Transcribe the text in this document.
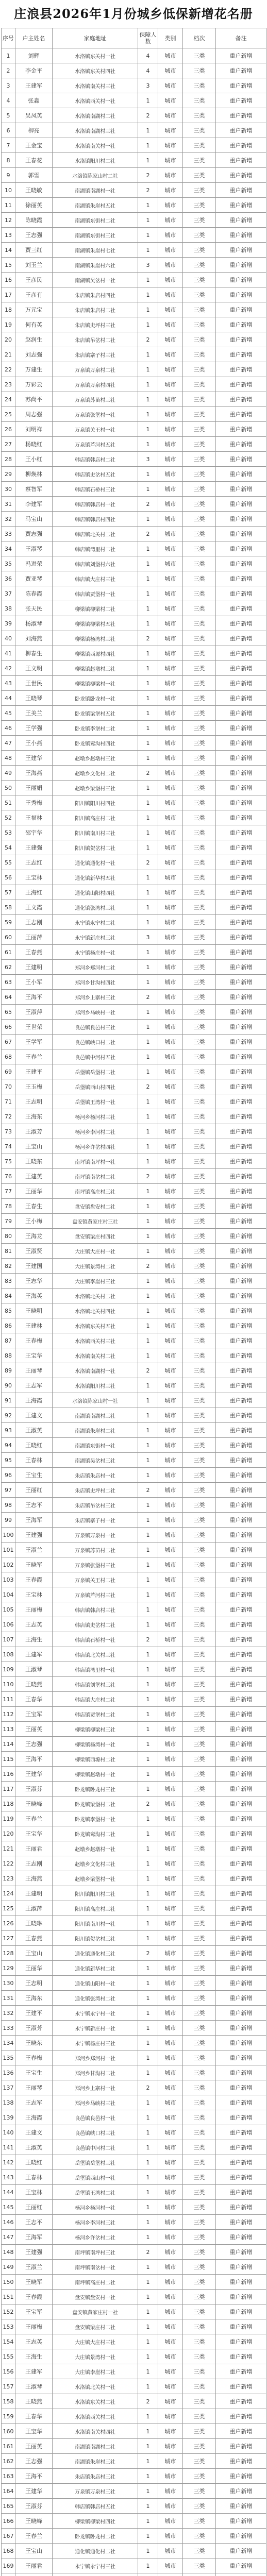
庄浪县2026年1月份城乡低保新增花名册
序号	户主姓名	家庭地址	保障人数	类别	档次	备注
1	刘辉	水洛镇东关村一社	4	城市	三类	重户新增
2	李金平	水洛镇东关村四社	4	城市	三类	重户新增
3	王建军	水洛镇南关村三社	3	城市	三类	重户新增
4	张淼	水洛镇西关村一社	1	城市	三类	重户新增
5	吴凤英	水洛镇南湖村二社	2	城市	三类	重户新增
6	柳亮	水洛镇南湖村三社	1	城市	三类	重户新增
7	王金宝	水洛镇南关村一社	1	城市	三类	重户新增
8	王春花	水洛镇阳川村二社	1	城市	三类	重户新增
9	郭雪	水洛镇陈家山村二社	2	城市	三类	重户新增
10	王晓敏	南湖镇南湖村一社	2	城市	三类	重户新增
11	徐丽英	南湖镇朱崖村五社	1	城市	三类	重户新增
12	陈晓霞	南湖镇东街村二社	1	城市	三类	重户新增
13	王志强	南湖镇东街村三社	1	城市	三类	重户新增
14	贾三红	南湖镇朱崖村七社	1	城市	三类	重户新增
15	刘玉兰	南湖镇朱崖村六社	3	城市	三类	重户新增
16	王彦民	南湖镇吴岔村一社	1	城市	三类	重户新增
17	王彦有	朱店镇朱店村四社	1	城市	三类	重户新增
18	万元宝	朱店镇朱店村二社	1	城市	三类	重户新增
19	何有英	朱店镇史坪村三社	1	城市	三类	重户新增
20	赵润生	朱店镇吊岔村二社	2	城市	三类	重户新增
21	刘志强	朱店镇寨子村三社	1	城市	三类	重户新增
22	万建生	万泉镇万泉村二社	1	城市	三类	重户新增
23	万彩云	万泉镇万泉村四社	1	城市	三类	重户新增
24	苏尚平	万泉镇苏苗村三社	1	城市	三类	重户新增
25	周志强	万泉镇张堡村一社	1	城市	三类	重户新增
26	刘明祥	万泉镇关王村一社	1	城市	三类	重户新增
27	杨晓红	万泉镇芦河村五社	1	城市	三类	重户新增
28	王小红	韩店镇韩店村二社	3	城市	三类	重户新增
29	柳焕林	韩店镇史岔村五社	1	城市	三类	重户新增
30	蔡智军	韩店镇石桥村三社	1	城市	三类	重户新增
31	李建军	韩店镇韩店村一社	2	城市	三类	重户新增
32	马宝山	韩店镇韩店村四社	1	城市	三类	重户新增
33	贾志强	韩店镇北关村二社	2	城市	三类	重户新增
34	王淑琴	韩店镇湾里村二社	1	城市	三类	重户新增
35	冯进荣	韩店镇刘堡村六社	1	城市	三类	重户新增
36	贾亚琴	韩店镇大庄村三社	1	城市	三类	重户新增
37	陈春霞	韩店镇贾堡村一社	1	城市	三类	重户新增
38	张天民	柳梁镇柳梁村二社	1	城市	三类	重户新增
39	杨淑琴	柳梁镇柳梁村五社	1	城市	三类	重户新增
40	刘海燕	柳梁镇杨湾村三社	2	城市	三类	重户新增
41	柳春生	柳梁镇西塬村四社	1	城市	三类	重户新增
42	王文明	柳梁镇赵墩村三社	1	城市	三类	重户新增
43	王世民	柳梁镇柳梁村一社	1	城市	三类	重户新增
44	王晓琴	卧龙镇卧龙村一社	1	城市	三类	重户新增
45	王美兰	卧龙镇梁堡村五社	1	城市	三类	重户新增
46	王学强	卧龙镇李堡村二社	1	城市	三类	重户新增
47	王小燕	卧龙镇鸾沟村四社	1	城市	三类	重户新增
48	王建华	赵墩乡赵墩村三社	1	城市	三类	重户新增
49	王海燕	赵墩乡文化村二社	2	城市	三类	重户新增
50	王丽娟	赵墩乡梁堡村三社	1	城市	三类	重户新增
51	王秀梅	阳川镇阳川村四社	1	城市	三类	重户新增
52	王福林	阳川镇高庄村二社	1	城市	三类	重户新增
53	邵宇华	阳川镇南川村三社	1	城市	三类	重户新增
54	王建强	阳川镇贺岔村二社	1	城市	三类	重户新增
55	王志红	通化镇通化村一社	2	城市	三类	重户新增
56	王宝林	通化镇新华村五社	1	城市	三类	重户新增
57	王海红	通化镇山阳村四社	1	城市	三类	重户新增
58	王文霞	通化镇张湾村三社	1	城市	三类	重户新增
59	王志刚	永宁镇永宁村二社	1	城市	三类	重户新增
60	王丽萍	永宁镇新庄村三社	3	城市	三类	重户新增
61	王春燕	永宁镇杨庄村一社	1	城市	三类	重户新增
62	王建明	郑河乡郑河村二社	1	城市	三类	重户新增
63	王小军	郑河乡甘沟村四社	1	城市	三类	重户新增
64	王海平	郑河乡上寨村三社	2	城市	三类	重户新增
65	王淑萍	郑河乡马峡村一社	1	城市	三类	重户新增
66	王世荣	良邑镇良邑村三社	1	城市	三类	重户新增
67	王学军	良邑镇峡口村二社	1	城市	三类	重户新增
68	王春兰	良邑镇中河村五社	1	城市	三类	重户新增
69	王建平	岳堡镇岳堡村二社	1	城市	三类	重户新增
70	王玉梅	岳堡镇西山村四社	2	城市	三类	重户新增
71	王志明	岳堡镇王湾村一社	1	城市	三类	重户新增
72	王海东	杨河乡杨河村三社	1	城市	三类	重户新增
73	王淑芳	杨河乡李河村二社	1	城市	三类	重户新增
74	王宝山	杨河乡许岔村四社	1	城市	三类	重户新增
75	王晓东	南坪镇南坪村一社	1	城市	三类	重户新增
76	王建英	南坪镇南岔村二社	2	城市	三类	重户新增
77	王丽华	南坪镇高庄村三社	1	城市	三类	重户新增
78	王春生	盘安镇盘安村二社	1	城市	三类	重户新增
79	王小梅	盘安镇黄家庄村三社	1	城市	三类	重户新增
80	王海龙	盘安镇梁庄村四社	1	城市	三类	重户新增
81	王淑贤	大庄镇大庄村一社	1	城市	三类	重户新增
82	王建国	大庄镇景湾村二社	2	城市	三类	重户新增
83	王志华	大庄镇李崖村三社	1	城市	三类	重户新增
84	王海英	水洛镇北关村二社	1	城市	三类	重户新增
85	王晓明	水洛镇北关村四社	1	城市	三类	重户新增
86	王建林	水洛镇东关村五社	1	城市	三类	重户新增
87	王春梅	水洛镇西关村三社	1	城市	三类	重户新增
88	王宝华	水洛镇南关村二社	1	城市	三类	重户新增
89	王丽琴	水洛镇南湖村一社	2	城市	三类	重户新增
90	王志军	水洛镇阳川村三社	1	城市	三类	重户新增
91	王海霞	水洛镇陈家山村一社	1	城市	三类	重户新增
92	王建文	南湖镇南湖村三社	1	城市	三类	重户新增
93	王淑英	南湖镇朱崖村二社	1	城市	三类	重户新增
94	王晓红	南湖镇东街村一社	1	城市	三类	重户新增
95	王春林	南湖镇吴岔村三社	1	城市	三类	重户新增
96	王宝生	朱店镇朱店村一社	1	城市	三类	重户新增
97	王丽红	朱店镇史坪村二社	2	城市	三类	重户新增
98	王志平	朱店镇吊岔村三社	1	城市	三类	重户新增
99	王海军	朱店镇寨子村一社	1	城市	三类	重户新增
100	王建强	万泉镇万泉村一社	1	城市	三类	重户新增
101	王淑兰	万泉镇苏苗村二社	1	城市	三类	重户新增
102	王晓军	万泉镇张堡村三社	1	城市	三类	重户新增
103	王春霞	万泉镇关王村二社	1	城市	三类	重户新增
104	王宝林	万泉镇芦河村三社	1	城市	三类	重户新增
105	王丽梅	韩店镇韩店村三社	1	城市	三类	重户新增
106	王志英	韩店镇史岔村二社	1	城市	三类	重户新增
107	王海生	韩店镇石桥村一社	2	城市	三类	重户新增
108	王建军	韩店镇北关村三社	1	城市	三类	重户新增
109	王淑琴	韩店镇湾里村一社	1	城市	三类	重户新增
110	王晓燕	韩店镇刘堡村三社	1	城市	三类	重户新增
111	王春华	韩店镇大庄村二社	1	城市	三类	重户新增
112	王宝军	韩店镇贾堡村二社	1	城市	三类	重户新增
113	王丽英	柳梁镇柳梁村三社	1	城市	三类	重户新增
114	王志强	柳梁镇杨湾村一社	1	城市	三类	重户新增
115	王海平	柳梁镇西塬村二社	1	城市	三类	重户新增
116	王建华	柳梁镇赵墩村一社	1	城市	三类	重户新增
117	王淑芬	卧龙镇卧龙村三社	1	城市	三类	重户新增
118	王晓峰	卧龙镇梁堡村二社	2	城市	三类	重户新增
119	王春兰	卧龙镇李堡村一社	1	城市	三类	重户新增
120	王宝华	卧龙镇鸾沟村二社	1	城市	三类	重户新增
121	王丽君	赵墩乡赵墩村一社	1	城市	三类	重户新增
122	王志刚	赵墩乡文化村三社	1	城市	三类	重户新增
123	王海燕	赵墩乡梁堡村一社	1	城市	三类	重户新增
124	王建明	阳川镇阳川村二社	1	城市	三类	重户新增
125	王淑萍	阳川镇高庄村三社	1	城市	三类	重户新增
126	王晓琳	阳川镇南川村一社	1	城市	三类	重户新增
127	王春燕	阳川镇贺岔村三社	1	城市	三类	重户新增
128	王宝山	通化镇通化村三社	2	城市	三类	重户新增
129	王丽华	通化镇新华村二社	1	城市	三类	重户新增
130	王志明	通化镇山阳村一社	1	城市	三类	重户新增
131	王海东	通化镇张湾村二社	1	城市	三类	重户新增
132	王建平	永宁镇永宁村一社	1	城市	三类	重户新增
133	王淑芳	永宁镇新庄村一社	1	城市	三类	重户新增
134	王晓东	永宁镇杨庄村三社	1	城市	三类	重户新增
135	王春梅	郑河乡郑河村一社	1	城市	三类	重户新增
136	王宝生	郑河乡甘沟村二社	1	城市	三类	重户新增
137	王丽琴	郑河乡上寨村一社	2	城市	三类	重户新增
138	王志军	郑河乡马峡村三社	1	城市	三类	重户新增
139	王海霞	良邑镇良邑村一社	1	城市	三类	重户新增
140	王建文	良邑镇峡口村三社	1	城市	三类	重户新增
141	王淑英	良邑镇中河村二社	1	城市	三类	重户新增
142	王晓红	岳堡镇岳堡村三社	1	城市	三类	重户新增
143	王春林	岳堡镇西山村一社	1	城市	三类	重户新增
144	王宝林	岳堡镇王湾村二社	1	城市	三类	重户新增
145	王丽红	杨河乡杨河村一社	1	城市	三类	重户新增
146	王志平	杨河乡李河村三社	1	城市	三类	重户新增
147	王海军	杨河乡许岔村二社	1	城市	三类	重户新增
148	王建强	南坪镇南坪村三社	2	城市	三类	重户新增
149	王淑兰	南坪镇南岔村一社	1	城市	三类	重户新增
150	王晓军	南坪镇高庄村二社	1	城市	三类	重户新增
151	王春霞	盘安镇盘安村一社	1	城市	三类	重户新增
152	王宝军	盘安镇黄家庄村一社	1	城市	三类	重户新增
153	王丽梅	盘安镇梁庄村二社	1	城市	三类	重户新增
154	王志英	大庄镇大庄村三社	1	城市	三类	重户新增
155	王海生	大庄镇景湾村一社	1	城市	三类	重户新增
156	王建军	大庄镇李崖村二社	1	城市	三类	重户新增
157	王淑琴	水洛镇北关村一社	1	城市	三类	重户新增
158	王晓燕	水洛镇东关村二社	2	城市	三类	重户新增
159	王春华	水洛镇西关村二社	1	城市	三类	重户新增
160	王宝华	水洛镇南关村四社	1	城市	三类	重户新增
161	王丽英	南湖镇南湖村二社	1	城市	三类	重户新增
162	王志强	南湖镇朱崖村三社	1	城市	三类	重户新增
163	王海平	朱店镇朱店村三社	1	城市	三类	重户新增
164	王建华	万泉镇万泉村三社	1	城市	三类	重户新增
165	王淑芬	韩店镇韩店村五社	1	城市	三类	重户新增
166	王晓峰	柳梁镇柳梁村四社	1	城市	三类	重户新增
167	王春兰	卧龙镇卧龙村二社	1	城市	三类	重户新增
168	王宝山	通化镇通化村二社	1	城市	三类	重户新增
169	王丽君	永宁镇永宁村三社	1	城市	三类	重户新增
